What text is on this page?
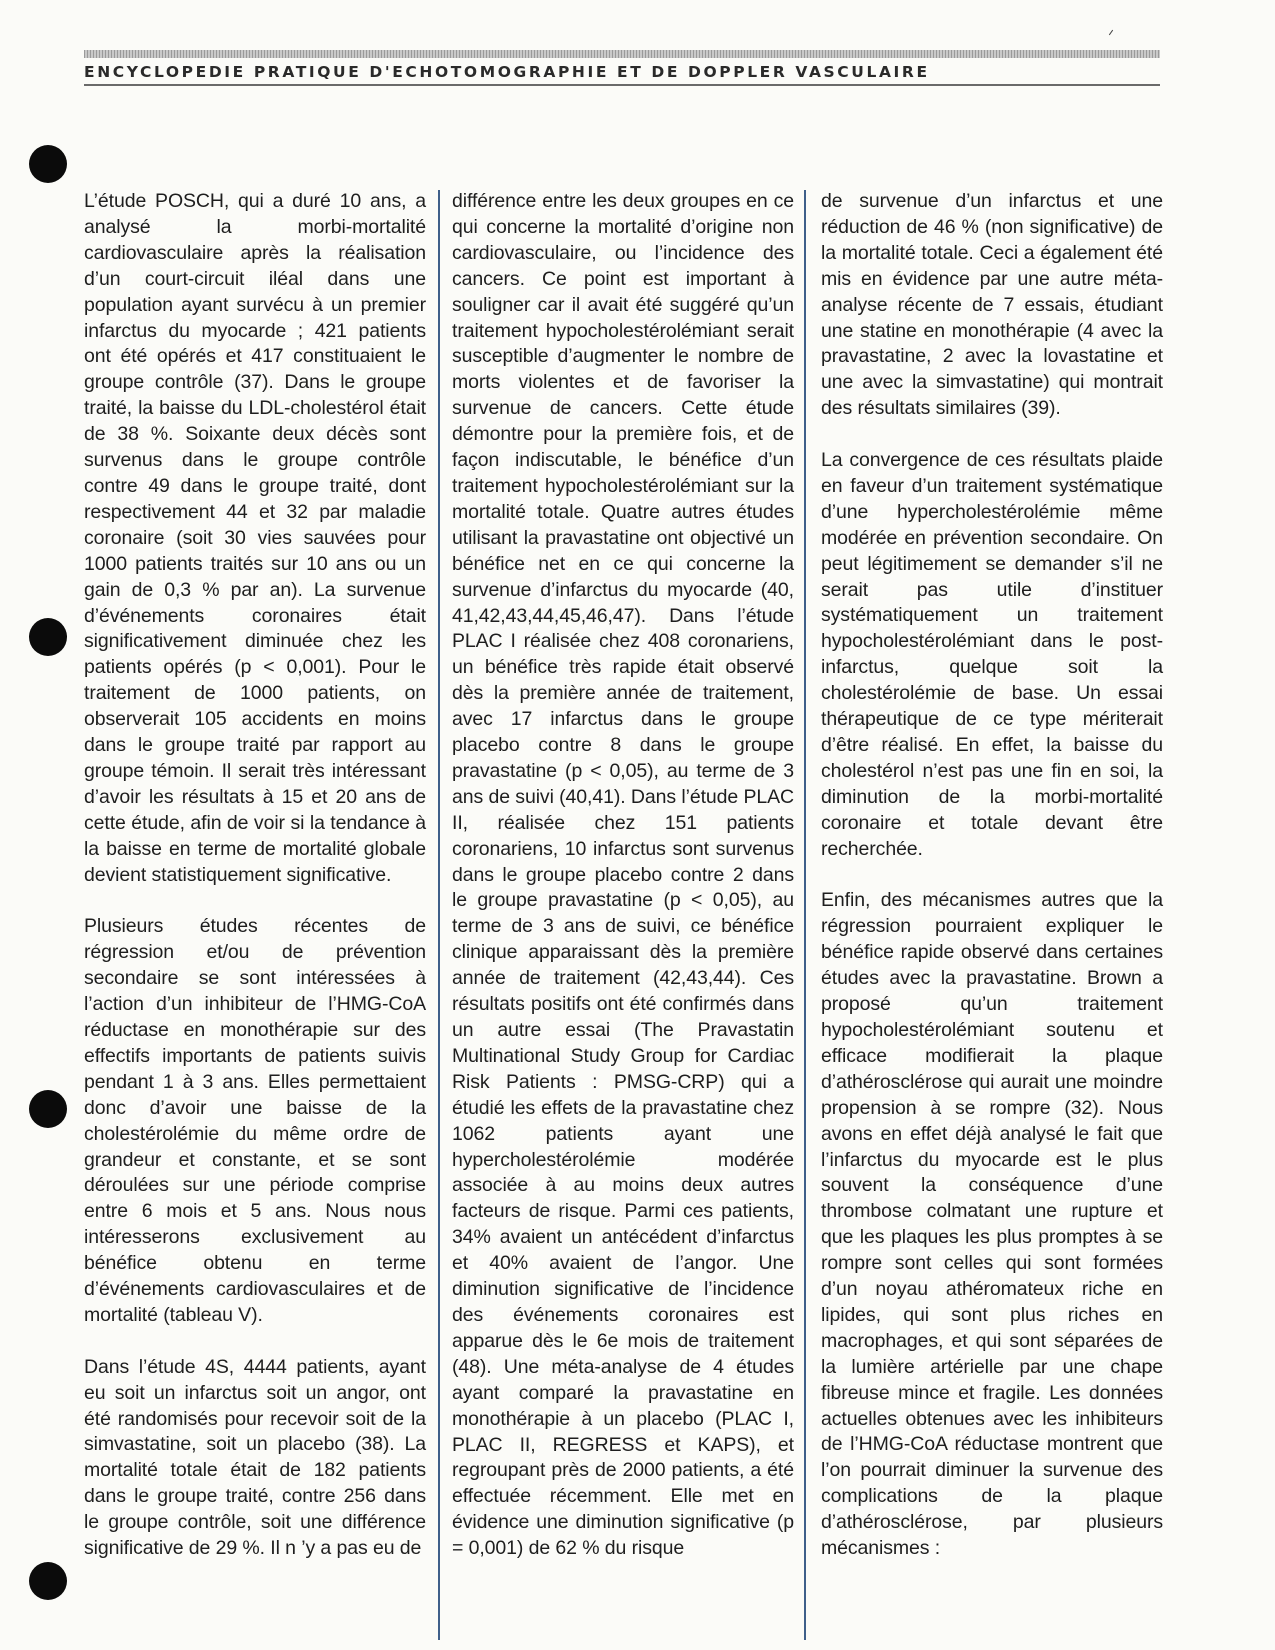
ENCYCLOPEDIE PRATIQUE D'ECHOTOMOGRAPHIE ET DE DOPPLER VASCULAIRE

L’étude POSCH, qui a duré 10 ans, a analysé la morbi-mortalité cardiovasculaire après la réalisation d’un court-circuit iléal dans une population ayant survécu à un premier infarctus du myocarde ; 421 patients ont été opérés et 417 constituaient le groupe contrôle (37). Dans le groupe traité, la baisse du LDL-cholestérol était de 38 %. Soixante deux décès sont survenus dans le groupe contrôle contre 49 dans le groupe traité, dont respectivement 44 et 32 par maladie coronaire (soit 30 vies sauvées pour 1000 patients traités sur 10 ans ou un gain de 0,3 % par an). La survenue d’événements coronaires était significativement diminuée chez les patients opérés (p < 0,001). Pour le traitement de 1000 patients, on observerait 105 accidents en moins dans le groupe traité par rapport au groupe témoin. Il serait très intéressant d’avoir les résultats à 15 et 20 ans de cette étude, afin de voir si la tendance à la baisse en terme de mortalité globale devient statistiquement significative.

Plusieurs études récentes de régression et/ou de prévention secondaire se sont intéressées à l’action d’un inhibiteur de l’HMG-CoA réductase en monothérapie sur des effectifs importants de patients suivis pendant 1 à 3 ans. Elles permettaient donc d’avoir une baisse de la cholestérolémie du même ordre de grandeur et constante, et se sont déroulées sur une période comprise entre 6 mois et 5 ans. Nous nous intéresserons exclusivement au bénéfice obtenu en terme d’événements cardiovasculaires et de mortalité (tableau V).

Dans l’étude 4S, 4444 patients, ayant eu soit un infarctus soit un angor, ont été randomisés pour recevoir soit de la simvastatine, soit un placebo (38). La mortalité totale était de 182 patients dans le groupe traité, contre 256 dans le groupe contrôle, soit une différence significative de 29 %. Il n ’y a pas eu de

différence entre les deux groupes en ce qui concerne la mortalité d’origine non cardiovasculaire, ou l’incidence des cancers. Ce point est important à souligner car il avait été suggéré qu’un traitement hypocholestérolémiant serait susceptible d’augmenter le nombre de morts violentes et de favoriser la survenue de cancers. Cette étude démontre pour la première fois, et de façon indiscutable, le bénéfice d’un traitement hypocholestérolémiant sur la mortalité totale. Quatre autres études utilisant la pravastatine ont objectivé un bénéfice net en ce qui concerne la survenue d’infarctus du myocarde (40, 41,42,43,44,45,46,47). Dans l’étude PLAC I réalisée chez 408 coronariens, un bénéfice très rapide était observé dès la première année de traitement, avec 17 infarctus dans le groupe placebo contre 8 dans le groupe pravastatine (p < 0,05), au terme de 3 ans de suivi (40,41). Dans l’étude PLAC II, réalisée chez 151 patients coronariens, 10 infarctus sont survenus dans le groupe placebo contre 2 dans le groupe pravastatine (p < 0,05), au terme de 3 ans de suivi, ce bénéfice clinique apparaissant dès la première année de traitement (42,43,44). Ces résultats positifs ont été confirmés dans un autre essai (The Pravastatin Multinational Study Group for Cardiac Risk Patients : PMSG-CRP) qui a étudié les effets de la pravastatine chez 1062 patients ayant une hypercholestérolémie modérée associée à au moins deux autres facteurs de risque. Parmi ces patients, 34% avaient un antécédent d’infarctus et 40% avaient de l’angor. Une diminution significative de l’incidence des événements coronaires est apparue dès le 6e mois de traitement (48). Une méta-analyse de 4 études ayant comparé la pravastatine en monothérapie à un placebo (PLAC I, PLAC II, REGRESS et KAPS), et regroupant près de 2000 patients, a été effectuée récemment. Elle met en évidence une diminution significative (p = 0,001) de 62 % du risque

de survenue d’un infarctus et une réduction de 46 % (non significative) de la mortalité totale. Ceci a également été mis en évidence par une autre méta-analyse récente de 7 essais, étudiant une statine en monothérapie (4 avec la pravastatine, 2 avec la lovastatine et une avec la simvastatine) qui montrait des résultats similaires (39).

La convergence de ces résultats plaide en faveur d’un traitement systématique d’une hypercholestérolémie même modérée en prévention secondaire. On peut légitimement se demander s’il ne serait pas utile d’instituer systématiquement un traitement hypocholestérolémiant dans le post-infarctus, quelque soit la cholestérolémie de base. Un essai thérapeutique de ce type mériterait d’être réalisé. En effet, la baisse du cholestérol n’est pas une fin en soi, la diminution de la morbi-mortalité coronaire et totale devant être recherchée.

Enfin, des mécanismes autres que la régression pourraient expliquer le bénéfice rapide observé dans certaines études avec la pravastatine. Brown a proposé qu’un traitement hypocholestérolémiant soutenu et efficace modifierait la plaque d’athérosclérose qui aurait une moindre propension à se rompre (32). Nous avons en effet déjà analysé le fait que l’infarctus du myocarde est le plus souvent la conséquence d’une thrombose colmatant une rupture et que les plaques les plus promptes à se rompre sont celles qui sont formées d’un noyau athéromateux riche en lipides, qui sont plus riches en macrophages, et qui sont séparées de la lumière artérielle par une chape fibreuse mince et fragile. Les données actuelles obtenues avec les inhibiteurs de l’HMG-CoA réductase montrent que l’on pourrait diminuer la survenue des complications de la plaque d’athérosclérose, par plusieurs mécanismes :
